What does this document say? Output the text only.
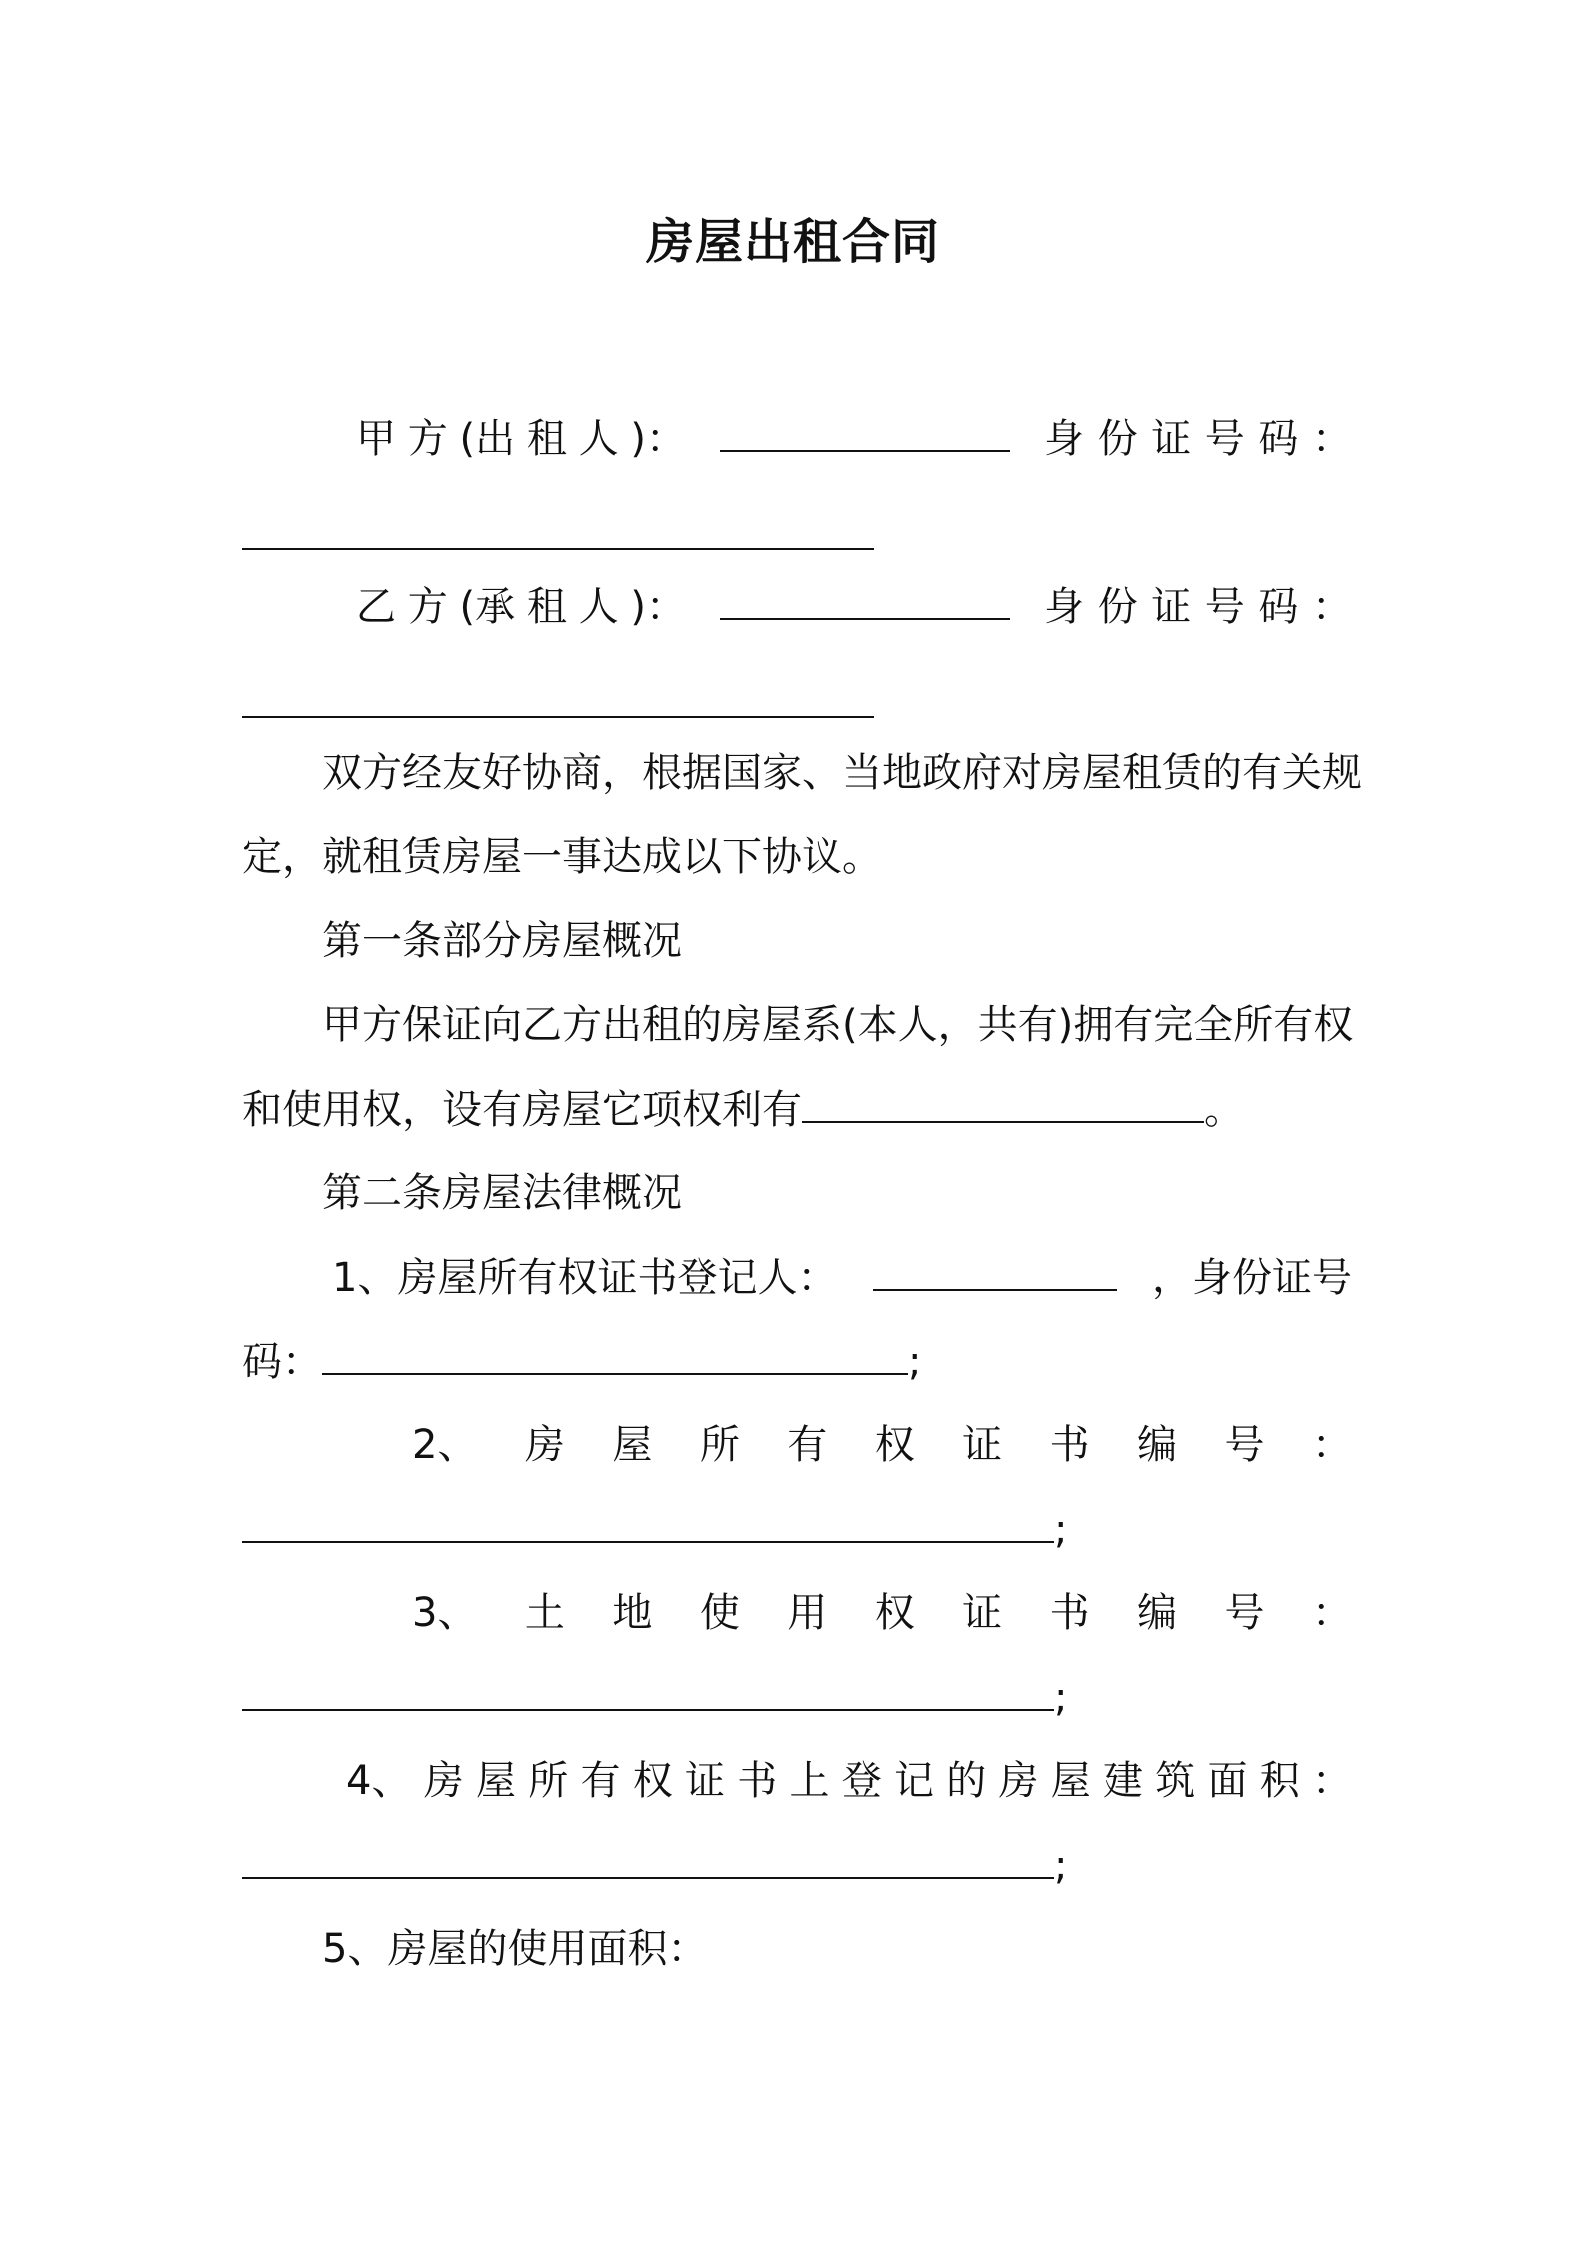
房屋出租合同
甲 方 (出 租 人 )：	身 份 证 号 码 ：
乙 方 (承 租 人 )：	身 份 证 号 码 ：
双方经友好协商，根据国家、当地政府对房屋租赁的有关规
定，就租赁房屋一事达成以下协议。
第一条部分房屋概况
甲方保证向乙方出租的房屋系(本人，共有)拥有完全所有权
和使用权，设有房屋它项权利有	。
第二条房屋法律概况
1、房屋所有权证书登记人：	，身份证号
码：	;
2、 房 屋 所 有 权 证 书 编 号 ：
;
3、 土 地 使 用 权 证 书 编 号 ：
;
4、 房 屋 所 有 权 证 书 上 登 记 的 房 屋 建 筑 面 积 ：
;
5、房屋的使用面积：
